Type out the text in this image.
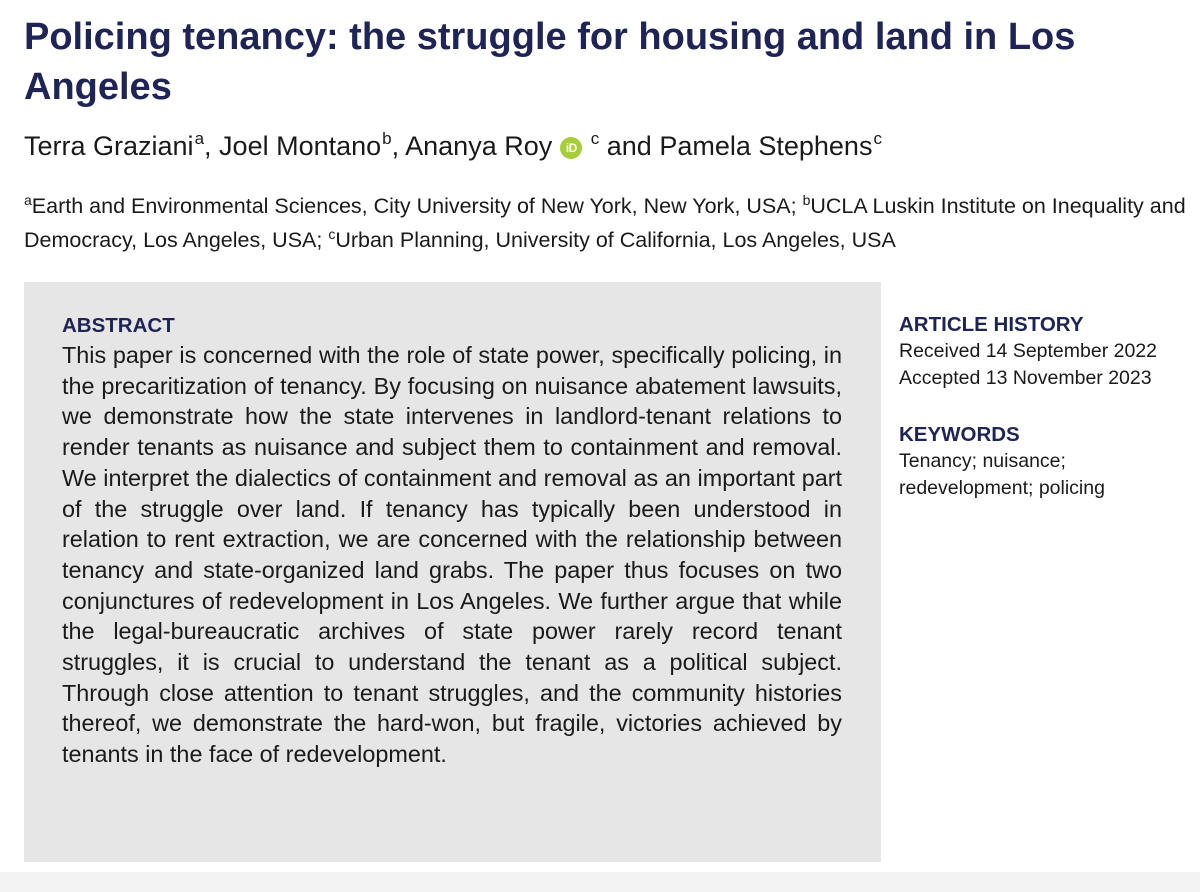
Policing tenancy: the struggle for housing and land in Los Angeles
Terra Graziani$^a$, Joel Montano$^b$, Ananya Roy iD $^c$ and Pamela Stephens$^c$
$^a$Earth and Environmental Sciences, City University of New York, New York, USA; $^b$UCLA Luskin Institute on Inequality and Democracy, Los Angeles, USA; $^c$Urban Planning, University of California, Los Angeles, USA
ABSTRACT
This paper is concerned with the role of state power, specifically policing, in the precaritization of tenancy. By focusing on nuisance abatement lawsuits, we demonstrate how the state intervenes in landlord-tenant relations to render tenants as nuisance and subject them to containment and removal. We interpret the dialectics of containment and removal as an important part of the struggle over land. If tenancy has typically been understood in relation to rent extraction, we are concerned with the relationship between tenancy and state-organized land grabs. The paper thus focuses on two conjunctures of redevelopment in Los Angeles. We further argue that while the legal-bureaucratic archives of state power rarely record tenant struggles, it is crucial to understand the tenant as a political subject. Through close attention to tenant struggles, and the community histories thereof, we demonstrate the hard-won, but fragile, victories achieved by tenants in the face of redevelopment.
ARTICLE HISTORY
Received 14 September 2022
Accepted 13 November 2023
KEYWORDS
Tenancy; nuisance;
redevelopment; policing
